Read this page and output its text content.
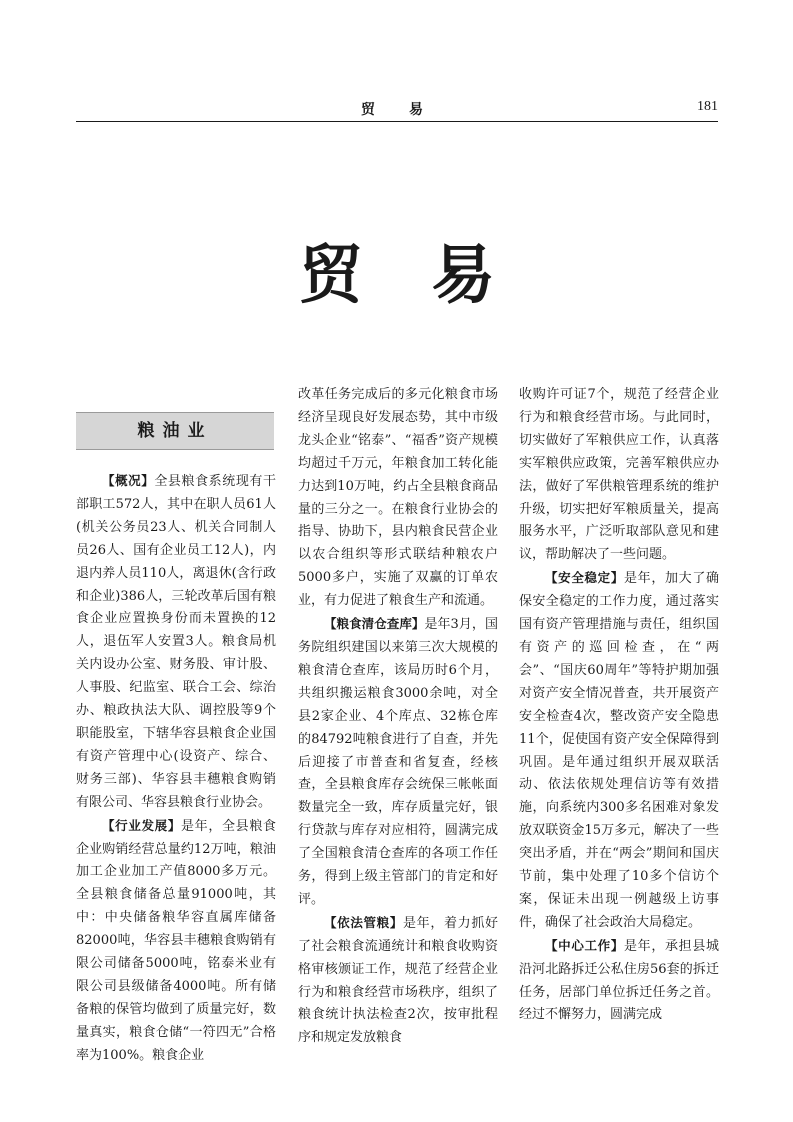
贸　易	181
贸易
粮油业

【概况】全县粮食系统现有干部职工572人，其中在职人员61人(机关公务员23人、机关合同制人员26人、国有企业员工12人)，内退内养人员110人，离退休(含行政和企业)386人，三轮改革后国有粮食企业应置换身份而未置换的12人，退伍军人安置3人。粮食局机关内设办公室、财务股、审计股、人事股、纪监室、联合工会、综治办、粮政执法大队、调控股等9个职能股室，下辖华容县粮食企业国有资产管理中心(设资产、综合、财务三部)、华容县丰穗粮食购销有限公司、华容县粮食行业协会。

【行业发展】是年，全县粮食企业购销经营总量约12万吨，粮油加工企业加工产值8000多万元。全县粮食储备总量91000吨，其中：中央储备粮华容直属库储备82000吨，华容县丰穗粮食购销有限公司储备5000吨，铭泰米业有限公司县级储备4000吨。所有储备粮的保管均做到了质量完好，数量真实，粮食仓储“一符四无”合格率为100%。粮食企业

改革任务完成后的多元化粮食市场经济呈现良好发展态势，其中市级龙头企业“铭泰”、“福香”资产规模均超过千万元，年粮食加工转化能力达到10万吨，约占全县粮食商品量的三分之一。在粮食行业协会的指导、协助下，县内粮食民营企业以农合组织等形式联结种粮农户5000多户，实施了双赢的订单农业，有力促进了粮食生产和流通。

【粮食清仓查库】是年3月，国务院组织建国以来第三次大规模的粮食清仓查库，该局历时6个月，共组织搬运粮食3000余吨，对全县2家企业、4个库点、32栋仓库的84792吨粮食进行了自查，并先后迎接了市普查和省复查，经核查，全县粮食库存会统保三帐帐面数量完全一致，库存质量完好，银行贷款与库存对应相符，圆满完成了全国粮食清仓查库的各项工作任务，得到上级主管部门的肯定和好评。

【依法管粮】是年，着力抓好了社会粮食流通统计和粮食收购资格审核颁证工作，规范了经营企业行为和粮食经营市场秩序，组织了粮食统计执法检查2次，按审批程序和规定发放粮食

收购许可证7个，规范了经营企业行为和粮食经营市场。与此同时，切实做好了军粮供应工作，认真落实军粮供应政策，完善军粮供应办法，做好了军供粮管理系统的维护升级，切实把好军粮质量关，提高服务水平，广泛听取部队意见和建议，帮助解决了一些问题。

【安全稳定】是年，加大了确保安全稳定的工作力度，通过落实国有资产管理措施与责任，组织国有资产的巡回检查，在“两会”、“国庆60周年”等特护期加强对资产安全情况普查，共开展资产安全检查4次，整改资产安全隐患11个，促使国有资产安全保障得到巩固。是年通过组织开展双联活动、依法依规处理信访等有效措施，向系统内300多名困难对象发放双联资金15万多元，解决了一些突出矛盾，并在“两会”期间和国庆节前，集中处理了10多个信访个案，保证未出现一例越级上访事件，确保了社会政治大局稳定。

【中心工作】是年，承担县城沿河北路拆迁公私住房56套的拆迁任务，居部门单位拆迁任务之首。经过不懈努力，圆满完成
